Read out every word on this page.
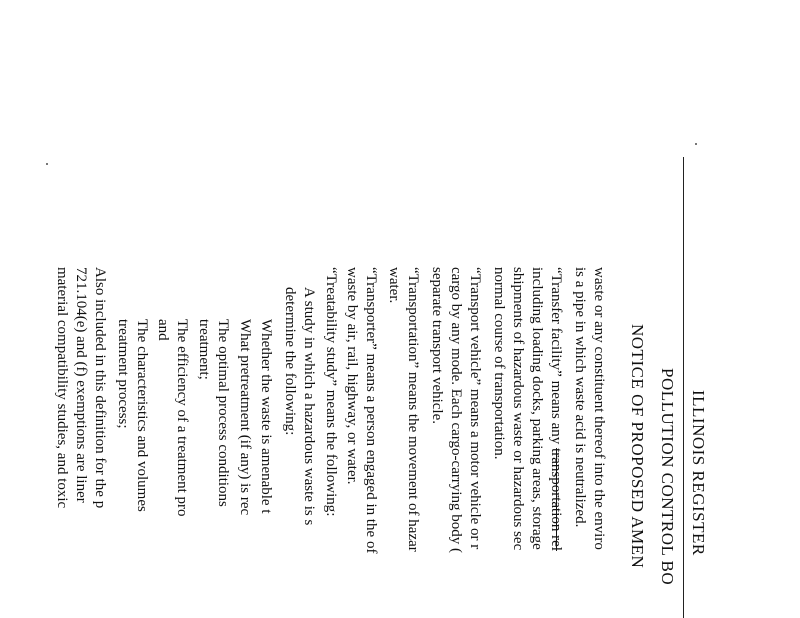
ILLINOIS REGISTER
POLLUTION CONTROL BO
NOTICE OF PROPOSED AMEN
waste or any constituent thereof into the enviro
is a pipe in which waste acid is neutralized.
“Transfer facility” means any transportation rel
including loading docks, parking areas, storage
shipments of hazardous waste or hazardous sec
normal course of transportation.
“Transport vehicle” means a motor vehicle or r
cargo by any mode. Each cargo-carrying body (
separate transport vehicle.
“Transportation” means the movement of hazar
water.
“Transporter” means a person engaged in the of
waste by air, rail, highway, or water.
“Treatability study” means the following:
A study in which a hazardous waste is s
determine the following:
Whether the waste is amenable t
What pretreatment (if any) is rec
The optimal process conditions
treatment;
The efficiency of a treatment pro
and
The characteristics and volumes
treatment process;
Also included in this definition for the p
721.104(e) and (f) exemptions are liner
material compatibility studies, and toxic
